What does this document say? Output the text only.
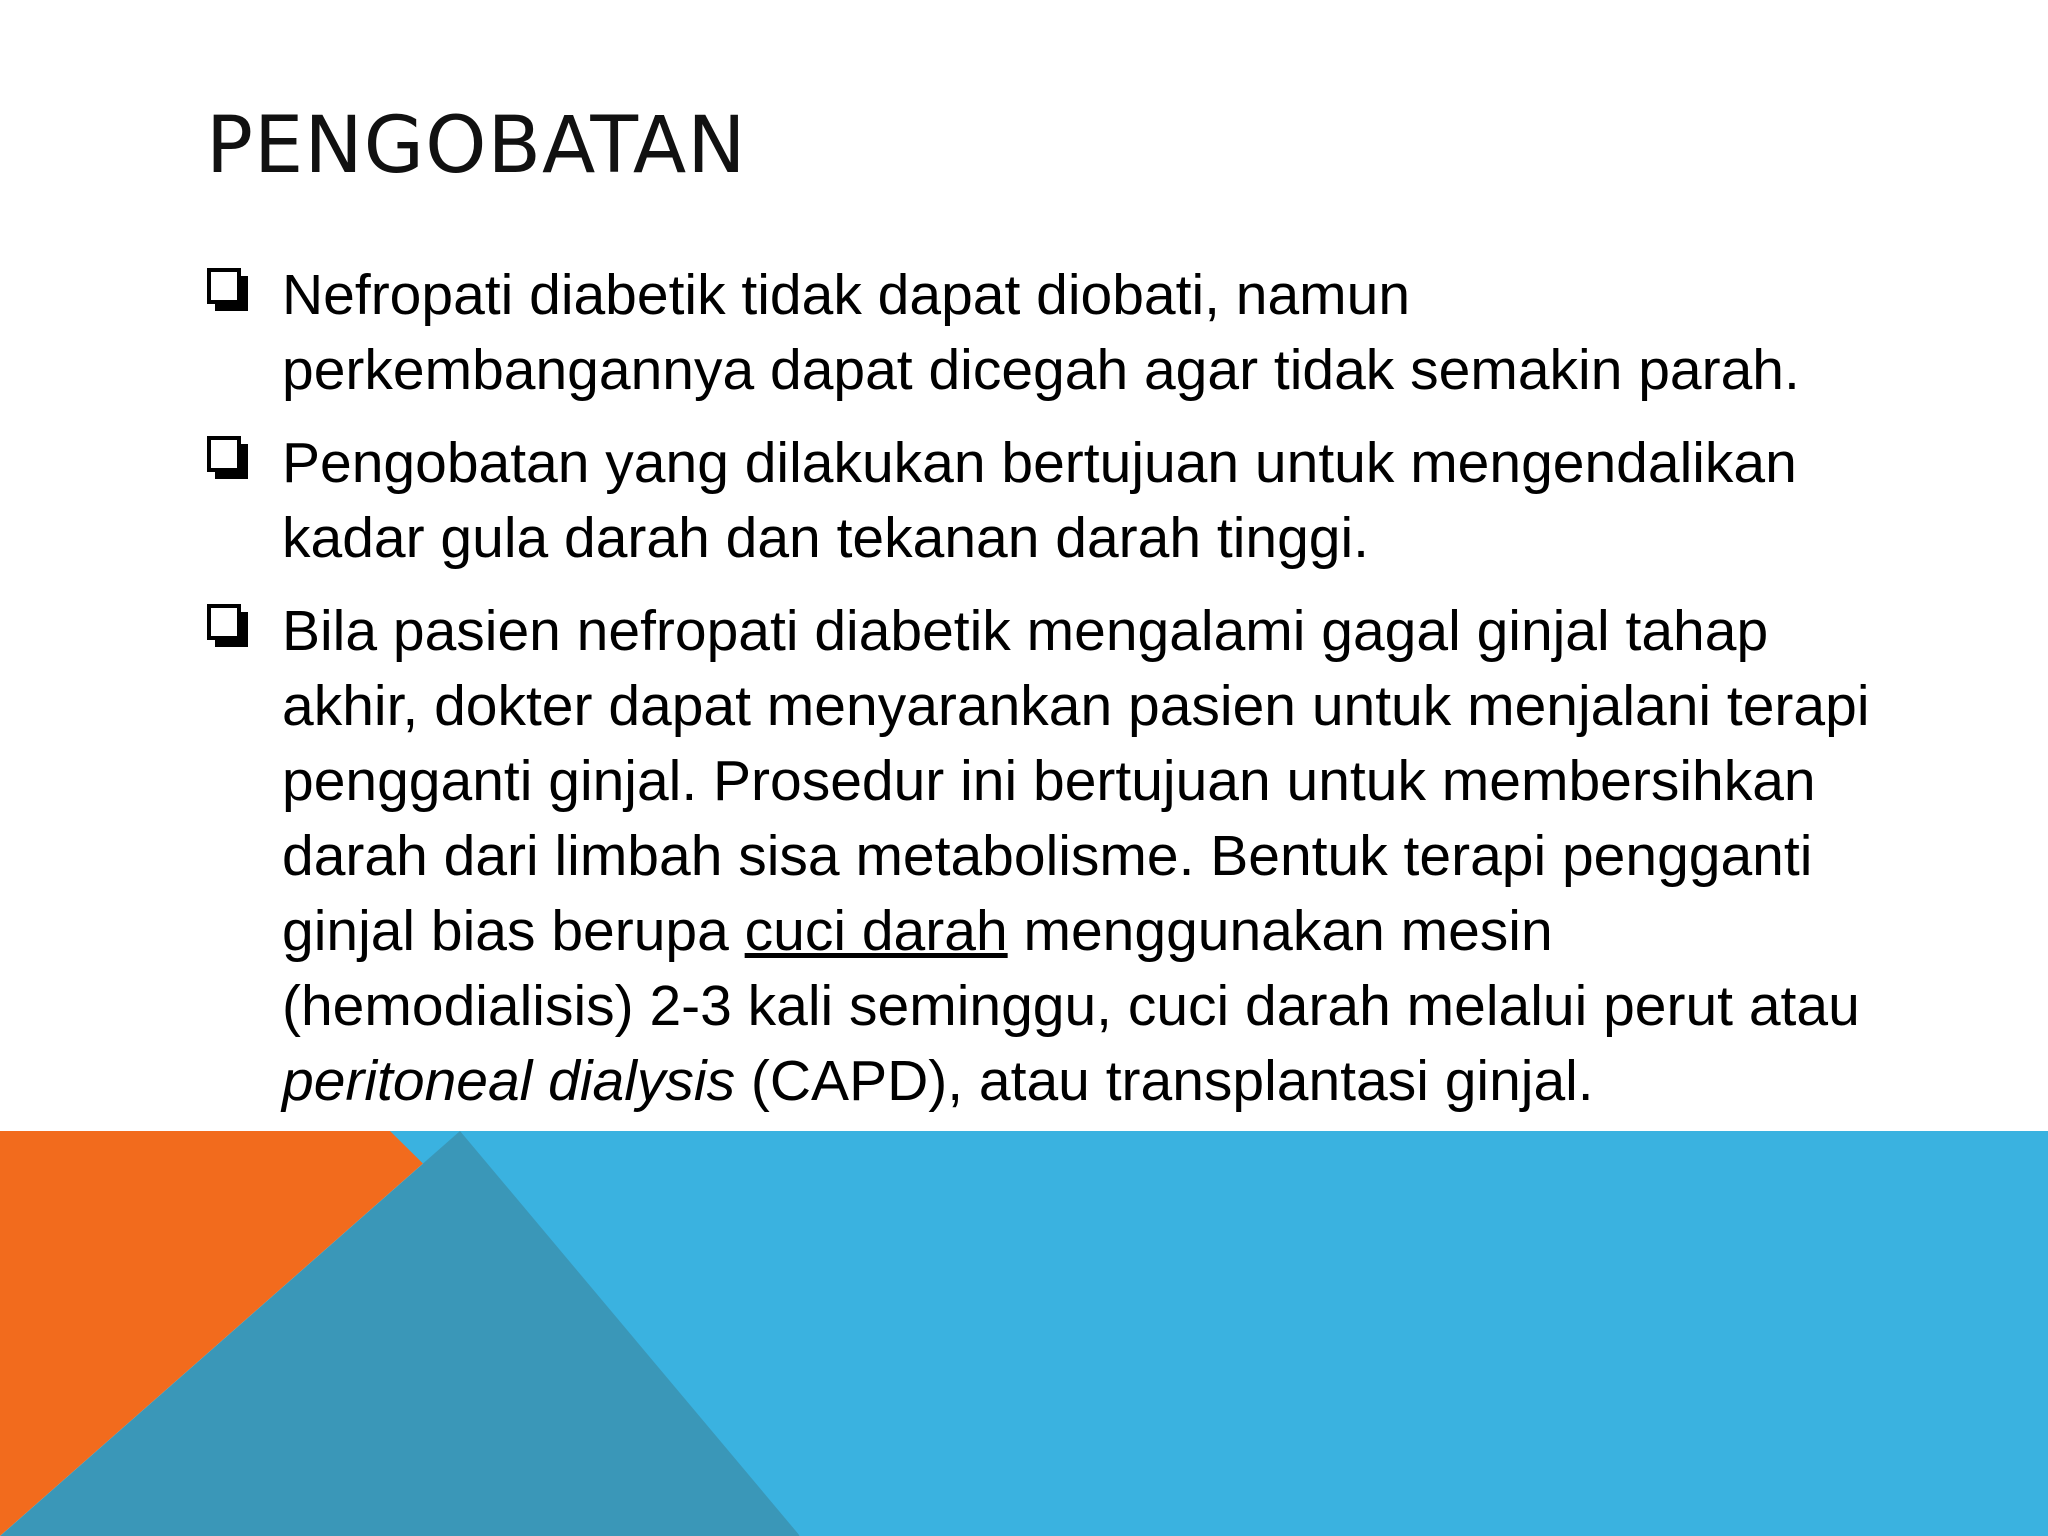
PENGOBATAN
Nefropati diabetik tidak dapat diobati, namun perkembangannya dapat dicegah agar tidak semakin parah.
Pengobatan yang dilakukan bertujuan untuk mengendalikan kadar gula darah dan tekanan darah tinggi.
Bila pasien nefropati diabetik mengalami gagal ginjal tahap akhir, dokter dapat menyarankan pasien untuk menjalani terapi pengganti ginjal. Prosedur ini bertujuan untuk membersihkan darah dari limbah sisa metabolisme. Bentuk terapi pengganti ginjal bias berupa cuci darah menggunakan mesin (hemodialisis) 2-3 kali seminggu, cuci darah melalui perut atau peritoneal dialysis (CAPD), atau transplantasi ginjal.
